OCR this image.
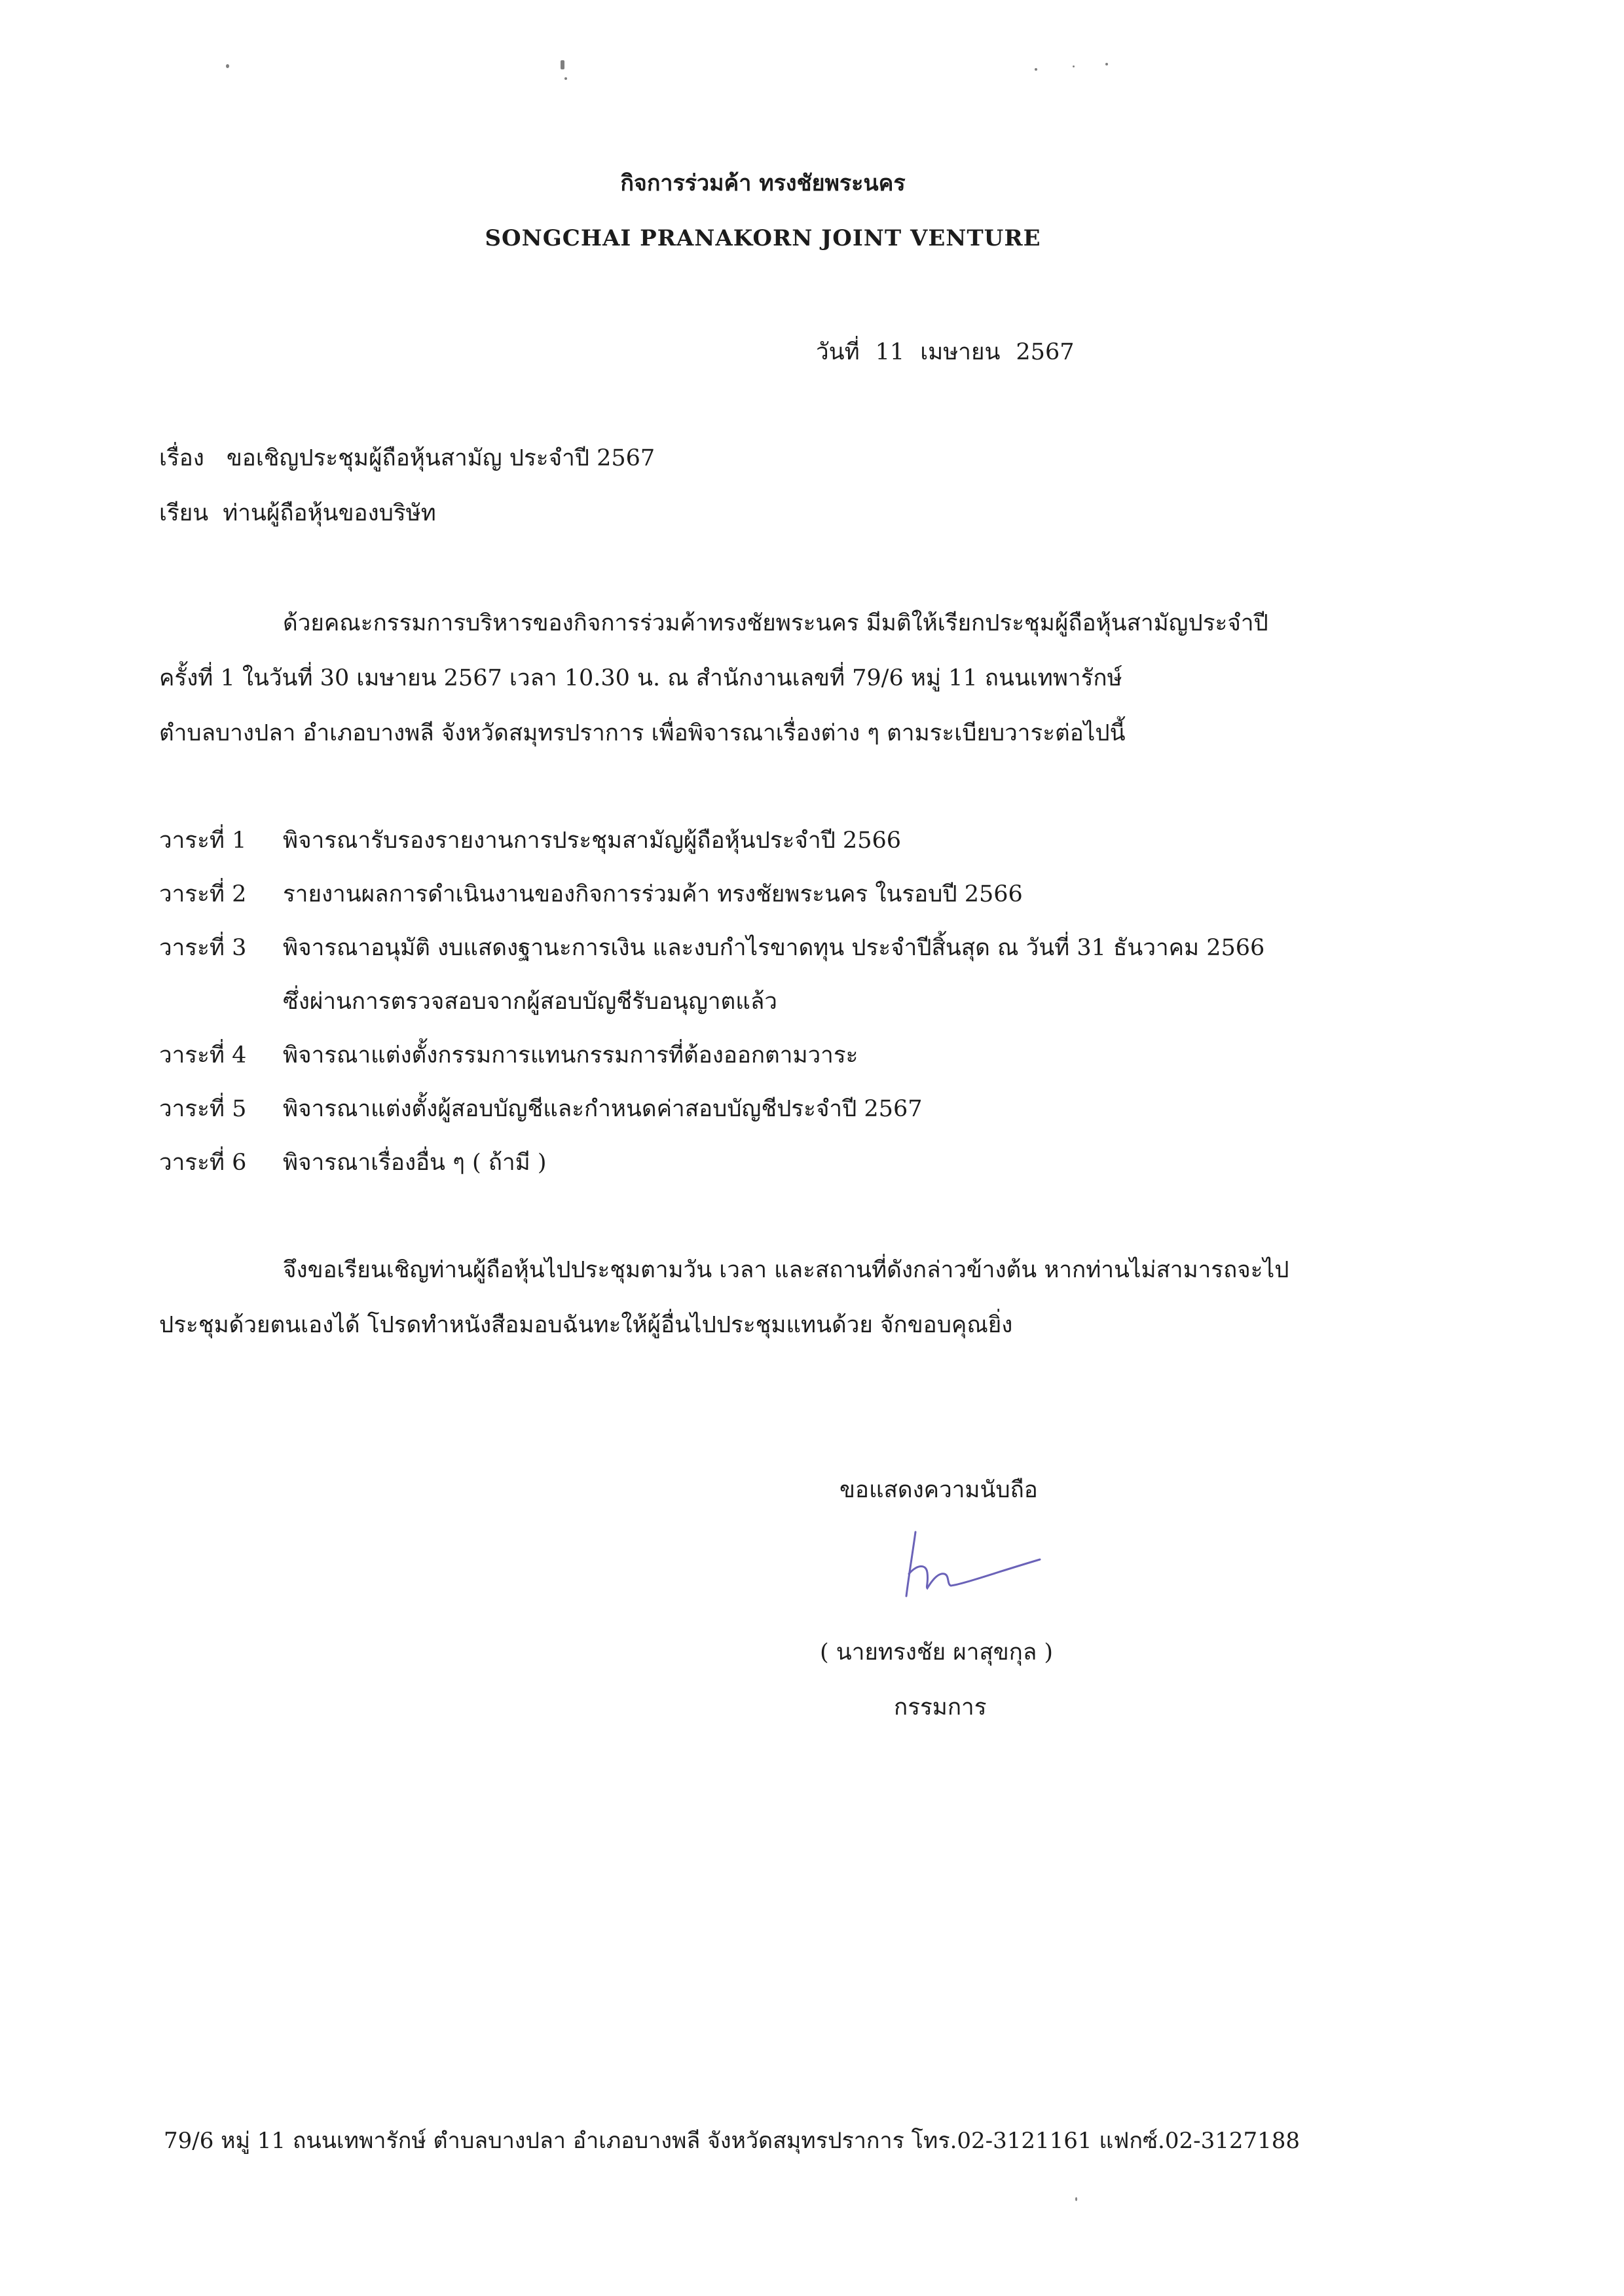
กิจการร่วมค้า ทรงชัยพระนคร
SONGCHAI PRANAKORN JOINT VENTURE
วันที่ 11 เมษายน 2567
เรื่อง ขอเชิญประชุมผู้ถือหุ้นสามัญ ประจำปี 2567
เรียน ท่านผู้ถือหุ้นของบริษัท
ด้วยคณะกรรมการบริหารของกิจการร่วมค้าทรงชัยพระนคร มีมติให้เรียกประชุมผู้ถือหุ้นสามัญประจำปี
ครั้งที่ 1 ในวันที่ 30 เมษายน 2567 เวลา 10.30 น. ณ สำนักงานเลขที่ 79/6 หมู่ 11 ถนนเทพารักษ์
ตำบลบางปลา อำเภอบางพลี จังหวัดสมุทรปราการ เพื่อพิจารณาเรื่องต่าง ๆ ตามระเบียบวาระต่อไปนี้
วาระที่ 1 พิจารณารับรองรายงานการประชุมสามัญผู้ถือหุ้นประจำปี 2566
วาระที่ 2 รายงานผลการดำเนินงานของกิจการร่วมค้า ทรงชัยพระนคร ในรอบปี 2566
วาระที่ 3 พิจารณาอนุมัติ งบแสดงฐานะการเงิน และงบกำไรขาดทุน ประจำปีสิ้นสุด ณ วันที่ 31 ธันวาคม 2566
ซึ่งผ่านการตรวจสอบจากผู้สอบบัญชีรับอนุญาตแล้ว
วาระที่ 4 พิจารณาแต่งตั้งกรรมการแทนกรรมการที่ต้องออกตามวาระ
วาระที่ 5 พิจารณาแต่งตั้งผู้สอบบัญชีและกำหนดค่าสอบบัญชีประจำปี 2567
วาระที่ 6 พิจารณาเรื่องอื่น ๆ ( ถ้ามี )
จึงขอเรียนเชิญท่านผู้ถือหุ้นไปประชุมตามวัน เวลา และสถานที่ดังกล่าวข้างต้น หากท่านไม่สามารถจะไป
ประชุมด้วยตนเองได้ โปรดทำหนังสือมอบฉันทะให้ผู้อื่นไปประชุมแทนด้วย จักขอบคุณยิ่ง
ขอแสดงความนับถือ
( นายทรงชัย ผาสุขกุล )
กรรมการ
79/6 หมู่ 11 ถนนเทพารักษ์ ตำบลบางปลา อำเภอบางพลี จังหวัดสมุทรปราการ โทร.02-3121161 แฟกซ์.02-3127188
